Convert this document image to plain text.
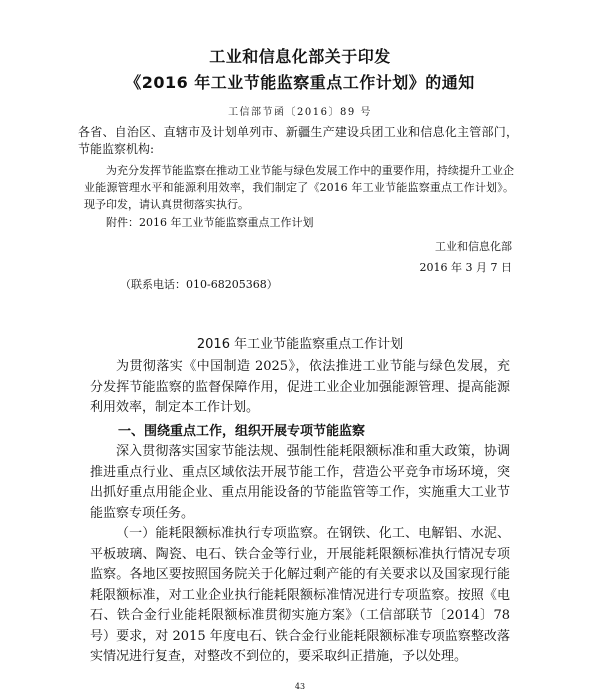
工业和信息化部关于印发
《2016 年工业节能监察重点工作计划》的通知
工信部节函〔2016〕89 号
各省、自治区、直辖市及计划单列市、新疆生产建设兵团工业和信息化主管部门，节能监察机构:
为充分发挥节能监察在推动工业节能与绿色发展工作中的重要作用，持续提升工业企业能源管理水平和能源利用效率，我们制定了《2016 年工业节能监察重点工作计划》。现予印发，请认真贯彻落实执行。
附件：2016 年工业节能监察重点工作计划
工业和信息化部
2016 年 3 月 7 日
（联系电话：010-68205368）
2016 年工业节能监察重点工作计划
为贯彻落实《中国制造 2025》，依法推进工业节能与绿色发展，充分发挥节能监察的监督保障作用，促进工业企业加强能源管理、提高能源利用效率，制定本工作计划。
一、围绕重点工作，组织开展专项节能监察
深入贯彻落实国家节能法规、强制性能耗限额标准和重大政策，协调推进重点行业、重点区域依法开展节能工作，营造公平竞争市场环境，突出抓好重点用能企业、重点用能设备的节能监管等工作，实施重大工业节能监察专项任务。
（一）能耗限额标准执行专项监察。在钢铁、化工、电解铝、水泥、平板玻璃、陶瓷、电石、铁合金等行业，开展能耗限额标准执行情况专项监察。各地区要按照国务院关于化解过剩产能的有关要求以及国家现行能耗限额标准，对工业企业执行能耗限额标准情况进行专项监察。按照《电石、铁合金行业能耗限额标准贯彻实施方案》（工信部联节〔2014〕78 号）要求，对 2015 年度电石、铁合金行业能耗限额标准专项监察整改落实情况进行复查，对整改不到位的，要采取纠正措施，予以处理。
43
